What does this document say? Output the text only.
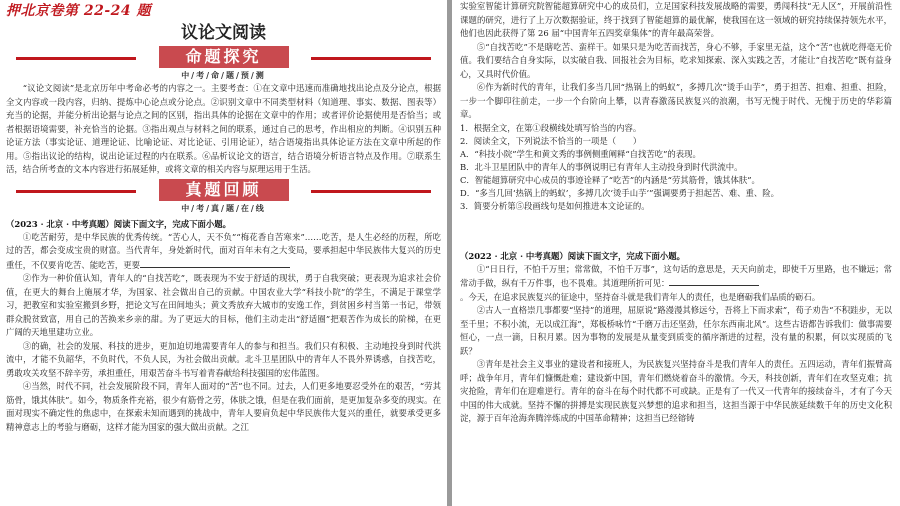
押北京卷第 22-24 题
议论文阅读
命题探究
中/考/命/题/预/测

“议论文阅读”是北京历年中考命必考的内容之一。主要考查：①在文章中迅速而准确地找出论点及分论点，根据全文内容或一段内容，归纳、提炼中心论点或分论点。②识别文章中不同类型材料（知道理、事实、数据、图表等）充当的论据，并能分析出论据与论点之间的区别，指出具体的论据在文章中的作用；或者评价论据使用是否恰当；或者根据语境需要，补充恰当的论据。③指出观点与材料之间的联系，通过自己的思考，作出相应的判断。④识别五种论证方法（事实论证、道理论证、比喻论证、对比论证、引用论证），结合语境指出具体论证方法在文章中所起的作用。⑤指出议论的结构，说出论证过程的内在联系。⑥品析议论文的语言，结合语境分析语言特点及作用。⑦联系生活，结合所考查的文本内容进行拓展延伸，或将文章的相关内容与原理运用于生活。

真题回顾
中/考/真/题/在/线
（2023 · 北京 · 中考真题）阅读下面文字，完成下面小题。

①吃苦耐劳，是中华民族的优秀传统。“苦心人，天不负”“梅花香自苦寒来”……吃苦，是人生必经的历程，所吃过的苦，都会变成宝贵的财富。当代青年，身处新时代，面对百年未有之大变局，要承担起中华民族伟大复兴的历史重任，不仅要肯吃苦、能吃苦，更要

②作为一种价值认知，青年人的“自找苦吃”，既表现为不安于舒适的现状，勇于自我突破；更表现为追求社会价值，在更大的舞台上施展才华，为国家、社会做出自己的贡献。中国农业大学“科技小院”的学生，不满足于课堂学习，把教室和实验室搬到乡野，把论文写在田间地头；黄文秀放弃大城市的安逸工作，到贫困乡村当第一书记，带领群众脱贫致富，用自己的苦换来乡亲的甜。为了更远大的目标，他们主动走出“舒适圈”把艰苦作为成长的阶梯，在更广阔的天地里建功立业。

③的确，社会的发展、科技的进步，更加迫切地需要青年人的参与和担当。我们只有积极、主动地投身到时代洪流中，才能不负韶华，不负时代，不负人民，为社会做出贡献。北斗卫星团队中的青年人不畏外界诱惑，自找苦吃，勇敢攻关攻坚不辞辛劳，承担重任，用艰苦奋斗书写着青春献给科技强国的宏伟蓝图。

④当然，时代不同，社会发展阶段不同，青年人面对的“苦”也不同。过去，人们更多地要忍受外在的艰苦，“劳其筋骨，饿其体肤”。如今，物质条件充裕，很少有筋骨之劳，体肤之饿，但是在我们面前，是更加复杂多变的现实。在面对现实不确定性的焦虑中，在探索未知而遇到的挑战中，青年人要肩负起中华民族伟大复兴的重任，就要承受更多精神意志上的考验与磨砺，这样才能为国家的强大做出贡献。之江

实验室智能计算研究院智能超算研究中心的成员们，立足国家科技发展战略的需要，勇闯科技“无人区”，开展前沿性课题的研究，进行了上万次数据验证，终于找到了智能超算的最优解，使我国在这一领域的研究持续保持领先水平，他们也因此获得了第 26 届“中国青年五四奖章集体”的青年最高荣誉。

⑤“自找苦吃”不是瞎吃苦、蛮样干。如果只是为吃苦而找苦，身心不够，手家里无益，这个“苦”也就吃得毫无价值。我们要结合自身实际，以实破自我、回报社会为目标，吃求知探索、深入实践之苦，才能让“自找苦吃”既有益身心，又具时代价值。

⑥作为新时代的青年，让我们多当几回“热锅上的蚂蚁”，多搏几次“烫手山芋”，勇于担苦、担难、担重、担险，一步一个脚印往前走，一步一个台阶向上攀，以青春激荡民族复兴的浪潮，书写无愧于时代、无愧于历史的华彩篇章。

1．根据全文，在第①段横线处填写恰当的内容。

2．阅读全文，下列说法不恰当的一项是（　　）

A．“科技小院”学生和黄文秀的事例侧重阐释“自找苦吃”的表现。

B．北斗卫星团队中的青年人的事例说明已有青年人主动投身到时代洪流中。

C．智能超算研究中心成员的事迹诠释了“吃苦”的内涵是“劳其筋骨，饿其体肤”。

D．“多当几回‘热锅上的蚂蚁’，多搏几次‘烫手山芋’”强调要勇于担起苦、难、重、险。

3．简要分析第⑤段画线句是如何推进本文论证的。

（2022 · 北京 · 中考真题）阅读下面文字，完成下面小题。

①“日日行，不怕千万里；常常做，不怕千万事”，这句话的意思是，天天向前走，即使千万里路，也不嫌远；常常动手做，纵有千万件事，也不畏难。其道理所折可见：

。今天，在追求民族复兴的征途中，坚持奋斗就是我们青年人的责任，也是磨砺我们品质的砺石。

②古人一直格崇几事都要“坚持”的道理，屈原说“路漫漫其修远兮，吾将上下而求索”，荀子劝告“不积跬步，无以至千里；不积小流，无以成江海”，郑板桥咏竹“千磨万击还坚劲，任尔东西南北风”。这些古语都告诉我们：做事需要恒心，一点一滴，日积月累。因为事物的发展是从量变到质变的循序渐进的过程，没有量的积累，何以实现质的飞跃？

③青年是社会主义事业的建设者和接班人，为民族复兴坚持奋斗是我们青年人的责任。五四运动，青年们振臂高呼；战争年月，青年们慷慨赴难；建设新中国，青年们燃烧着奋斗的激情。今天，科技创新，青年们在攻坚克难；抗灾抢险，青年们在迎难逆行。青年的奋斗在每个时代都不可或缺。正是有了一代又一代青年的接续奋斗，才有了今天中国的伟大成就。坚持不懈的拼搏是实现民族复兴梦想的追求和担当，这担当源于中华民族延续数千年的历史文化积淀，源于百年沧海奔腾淬炼成的中国革命精神；这担当已经镕铸
